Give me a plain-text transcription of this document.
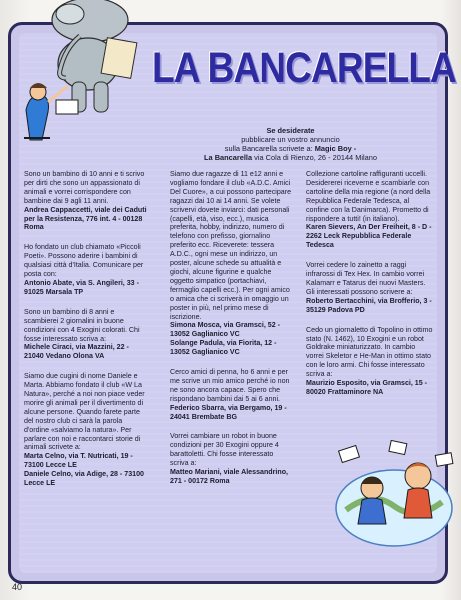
LA BANCARELLA
Se desiderate
pubblicare un vostro annuncio
sulla Bancarella scrivete a: Magic Boy -
La Bancarella via Cola di Rienzo, 26 - 20144 Milano

Sono un bambino di 10 anni e ti scrivo per dirti che sono un appassionato di animali e vorrei corrispondere con bambine dai 9 agli 11 anni.
Andrea Cappaccetti, viale dei Caduti per la Resistenza, 776 int. 4 - 00128 Roma

Ho fondato un club chiamato «Piccoli Poeti». Possono aderire i bambini di qualsiasi città d'Italia. Comunicare per posta con:
Antonio Abate, via S. Angileri, 33 - 91025 Marsala TP

Sono un bambino di 8 anni e scambierei 2 giornalini in buone condizioni con 4 Exogini colorati. Chi fosse interessato scriva a:
Michele Ciraci, via Mazzini, 22 - 21040 Vedano Olona VA

Siamo due cugini di nome Daniele e Marta. Abbiamo fondato il club «W La Natura», perché a noi non piace veder morire gli animali per il divertimento di alcune persone. Quando farete parte del nostro club ci sarà la parola d'ordine «salviamo la natura». Per parlare con noi e raccontarci storie di animali scrivete a:
Marta Celno, via T. Nutricati, 19 - 73100 Lecce LE
Daniele Celno, via Adige, 28 - 73100 Lecce LE

Siamo due ragazze di 11 e12 anni e vogliamo fondare il club «A.D.C. Amici Del Cuore», a cui possono partecipare ragazzi dai 10 ai 14 anni. Se volete scrivervi dovete inviarci: dati personali (capelli, età, viso, ecc.), musica preferita, hobby, indirizzo, numero di telefono con prefisso, giornalino preferito ecc. Riceverete: tessera A.D.C., ogni mese un indirizzo, un poster, alcune schede su attualità e giochi, alcune figurine e qualche oggetto simpatico (portachiavi, fermaglio capelli ecc.). Per ogni amico o amica che ci scriverà in omaggio un poster in più, nel primo mese di iscrizione.
Simona Mosca, via Gramsci, 52 - 13052 Gaglianico VC
Solange Padula, via Fiorita, 12 - 13052 Gaglianico VC

Cerco amici di penna, ho 6 anni e per me scrive un mio amico perché io non ne sono ancora capace. Spero che rispondano bambini dai 5 ai 6 anni.
Federico Sbarra, via Bergamo, 19 - 24041 Brembate BG

Vorrei cambiare un robot in buone condizioni per 30 Exogini oppure 4 barattoletti. Chi fosse interessato scriva a:
Matteo Mariani, viale Alessandrino, 271 - 00172 Roma

Collezione cartoline raffiguranti uccelli. Desidererei riceverne e scambiarle con cartoline della mia regione (a nord della Repubblica Federale Tedesca, al confine con la Danimarca). Prometto di rispondere a tutti! (in italiano).
Karen Sievers, An Der Freiheit, 8 - D - 2262 Leck Repubblica Federale Tedesca

Vorrei cedere lo zainetto a raggi infrarossi di Tex Hex. In cambio vorrei Kalamarr e Tatarus dei nuovi Masters. Gli interessati possono scrivere a:
Roberto Bertacchini, via Brofferio, 3 - 35129 Padova PD

Cedo un giornaletto di Topolino in ottimo stato (N. 1462), 10 Exogini e un robot Goldrake miniaturizzato. In cambio vorrei Skeletor e He-Man in ottimo stato con le loro armi. Chi fosse interessato scriva a:
Maurizio Esposito, via Gramsci, 15 - 80020 Frattaminore NA

40
